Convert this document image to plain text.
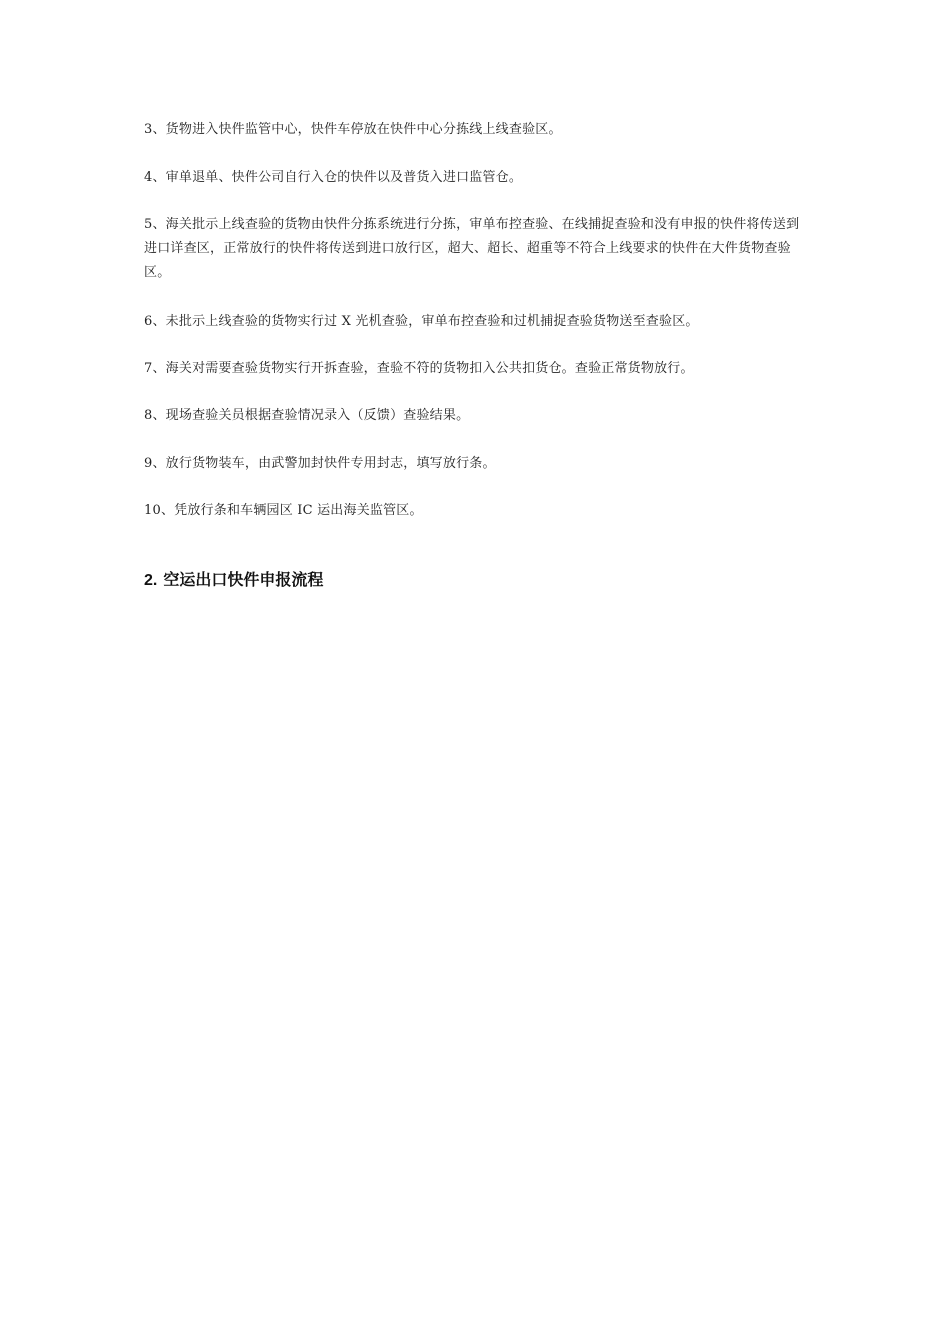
3、货物进入快件监管中心，快件车停放在快件中心分拣线上线查验区。

4、审单退单、快件公司自行入仓的快件以及普货入进口监管仓。

5、海关批示上线查验的货物由快件分拣系统进行分拣，审单布控查验、在线捕捉查验和没有申报的快件将传送到进口详查区，正常放行的快件将传送到进口放行区，超大、超长、超重等不符合上线要求的快件在大件货物查验区。

6、未批示上线查验的货物实行过 X 光机查验，审单布控查验和过机捕捉查验货物送至查验区。

7、海关对需要查验货物实行开拆查验，查验不符的货物扣入公共扣货仓。查验正常货物放行。

8、现场查验关员根据查验情况录入（反馈）查验结果。

9、放行货物装车，由武警加封快件专用封志，填写放行条。

10、凭放行条和车辆园区 IC 运出海关监管区。

2. 空运出口快件申报流程
